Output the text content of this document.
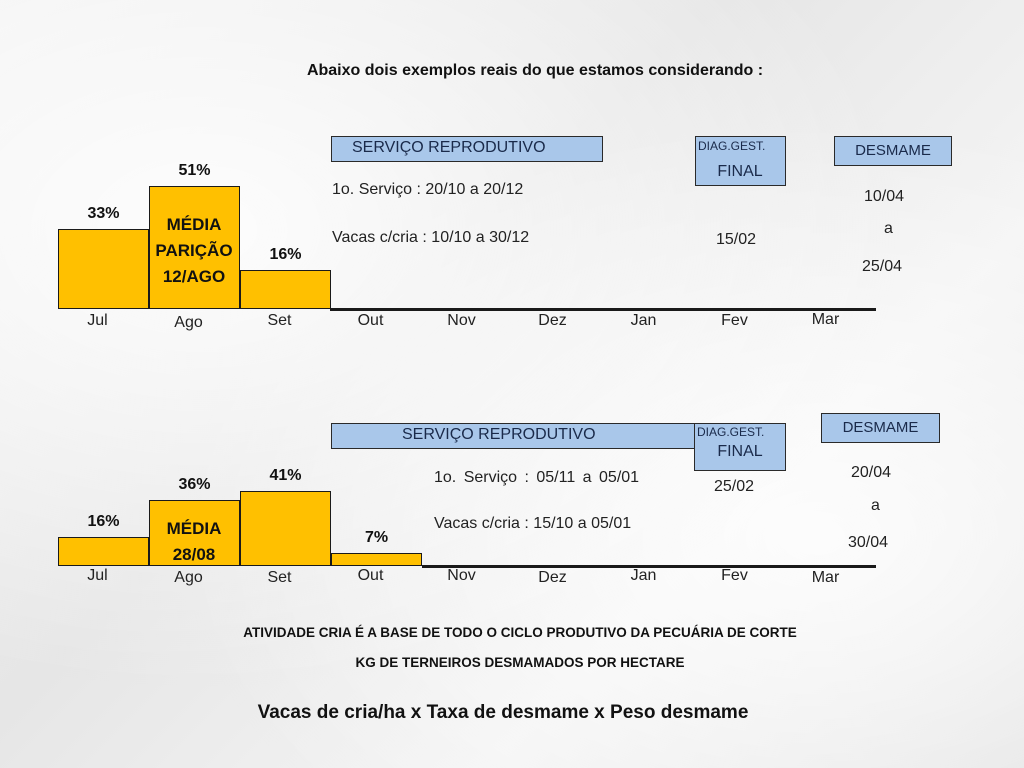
Abaixo dois exemplos reais do que estamos considerando :
SERVIÇO REPRODUTIVO
1o. Serviço : 20/10 a 20/12
Vacas c/cria : 10/10 a 30/12
DIAG.GEST.
FINAL
15/02
DESMAME
10/04
a
25/04
MÉDIA
PARIÇÃO
12/AGO
33%
51%
16%
Jul	Ago	Set	Out	Nov	Dez	Jan	Fev	Mar
SERVIÇO REPRODUTIVO
1o. Serviço : 05/11 a 05/01
Vacas c/cria : 15/10 a 05/01
DIAG.GEST.
FINAL
25/02
DESMAME
20/04
a
30/04
MÉDIA
28/08
16%
36%
41%
7%
Jul	Ago	Set	Out	Nov	Dez	Jan	Fev	Mar
ATIVIDADE CRIA É A BASE DE TODO O CICLO PRODUTIVO DA PECUÁRIA DE CORTE
KG DE TERNEIROS DESMAMADOS POR HECTARE
Vacas de cria/ha x Taxa de desmame x Peso desmame
